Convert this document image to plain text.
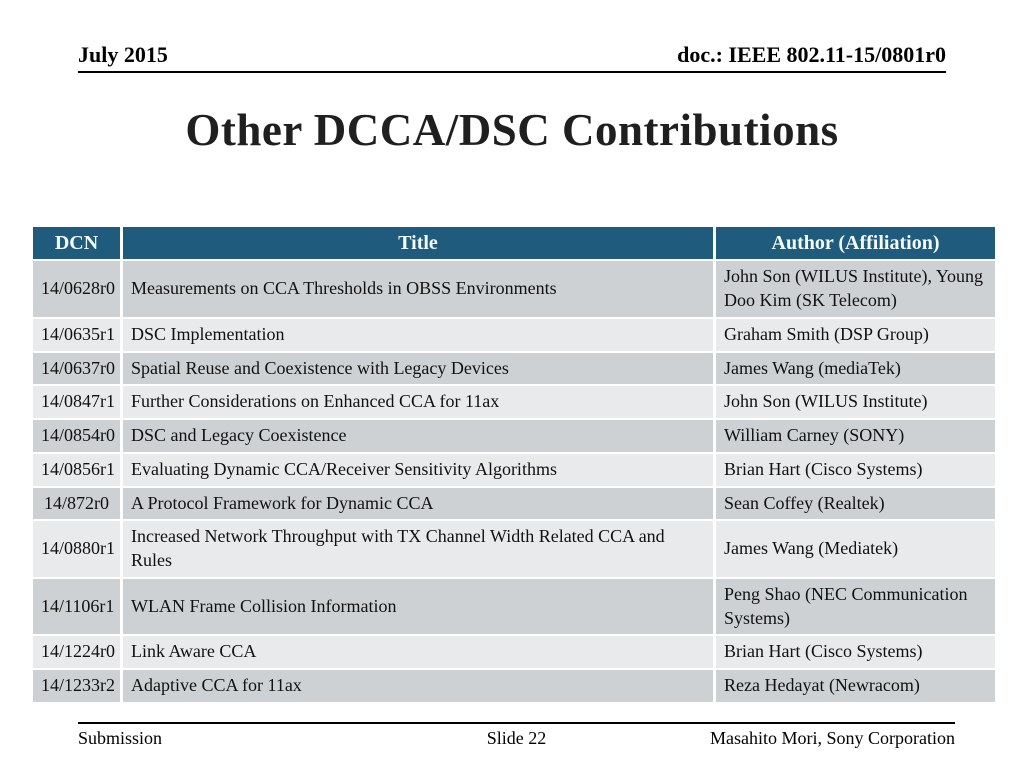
July 2015	doc.: IEEE 802.11-15/0801r0
Other DCCA/DSC Contributions
DCN	Title	Author (Affiliation)
14/0628r0	Measurements on CCA Thresholds in OBSS Environments	John Son (WILUS Institute), Young Doo Kim (SK Telecom)
14/0635r1	DSC Implementation	Graham Smith (DSP Group)
14/0637r0	Spatial Reuse and Coexistence with Legacy Devices	James Wang (mediaTek)
14/0847r1	Further Considerations on Enhanced CCA for 11ax	John Son (WILUS Institute)
14/0854r0	DSC and Legacy Coexistence	William Carney (SONY)
14/0856r1	Evaluating Dynamic CCA/Receiver Sensitivity Algorithms	Brian Hart (Cisco Systems)
14/872r0	A Protocol Framework for Dynamic CCA	Sean Coffey (Realtek)
14/0880r1	Increased Network Throughput with TX Channel Width Related CCA and Rules	James Wang (Mediatek)
14/1106r1	WLAN Frame Collision Information	Peng Shao (NEC Communication Systems)
14/1224r0	Link Aware CCA	Brian Hart (Cisco Systems)
14/1233r2	Adaptive CCA for 11ax	Reza Hedayat (Newracom)
Submission	Slide 22	Masahito Mori, Sony Corporation
